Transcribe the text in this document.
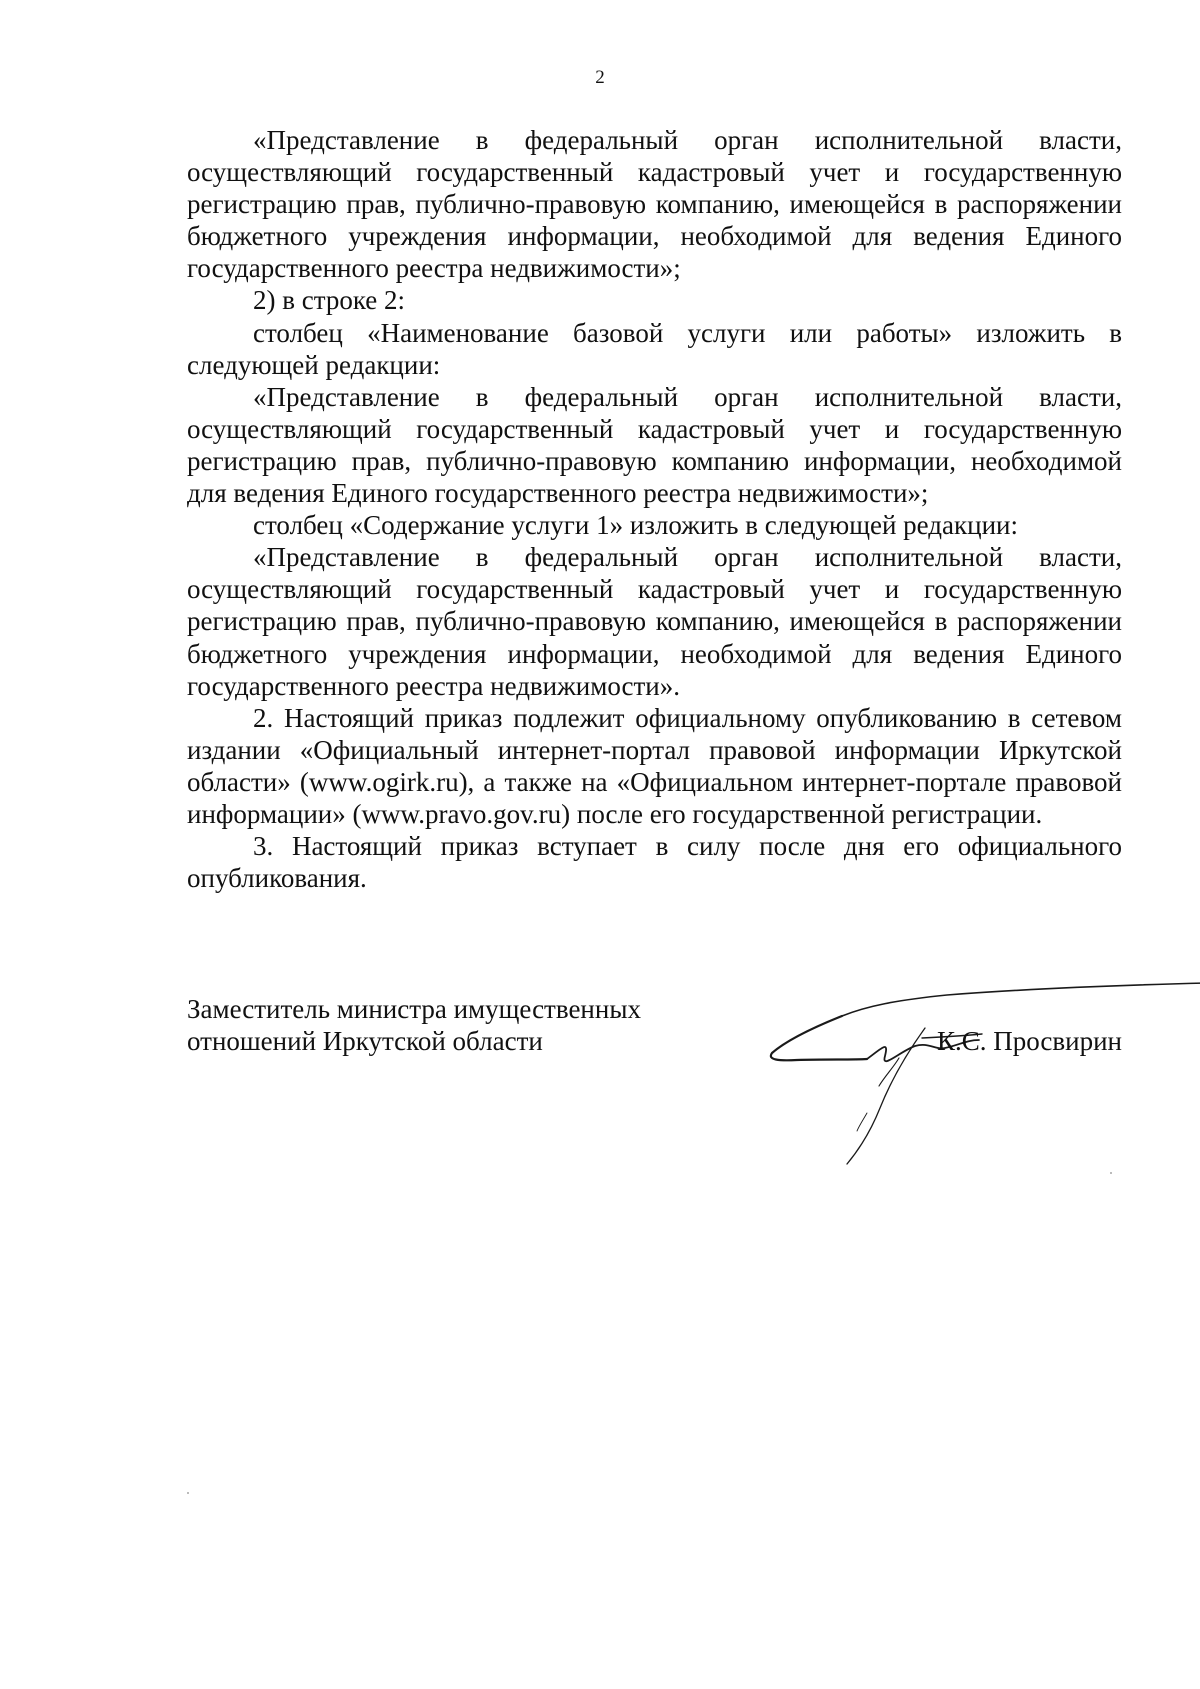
2

«Представление в федеральный орган исполнительной власти, осуществляющий государственный кадастровый учет и государственную регистрацию прав, публично-правовую компанию, имеющейся в распоряжении бюджетного учреждения информации, необходимой для ведения Единого государственного реестра недвижимости»;

2) в строке 2:

столбец «Наименование базовой услуги или работы» изложить в следующей редакции:

«Представление в федеральный орган исполнительной власти, осуществляющий государственный кадастровый учет и государственную регистрацию прав, публично-правовую компанию информации, необходимой для ведения Единого государственного реестра недвижимости»;

столбец «Содержание услуги 1» изложить в следующей редакции:

«Представление в федеральный орган исполнительной власти, осуществляющий государственный кадастровый учет и государственную регистрацию прав, публично-правовую компанию, имеющейся в распоряжении бюджетного учреждения информации, необходимой для ведения Единого государственного реестра недвижимости».

2. Настоящий приказ подлежит официальному опубликованию в сетевом издании «Официальный интернет-портал правовой информации Иркутской области» (www.ogirk.ru), а также на «Официальном интернет-портале правовой информации» (www.pravo.gov.ru) после его государственной регистрации.

3. Настоящий приказ вступает в силу после дня его официального опубликования.

Заместитель министра имущественных
отношений Иркутской области	К.С. Просвирин
